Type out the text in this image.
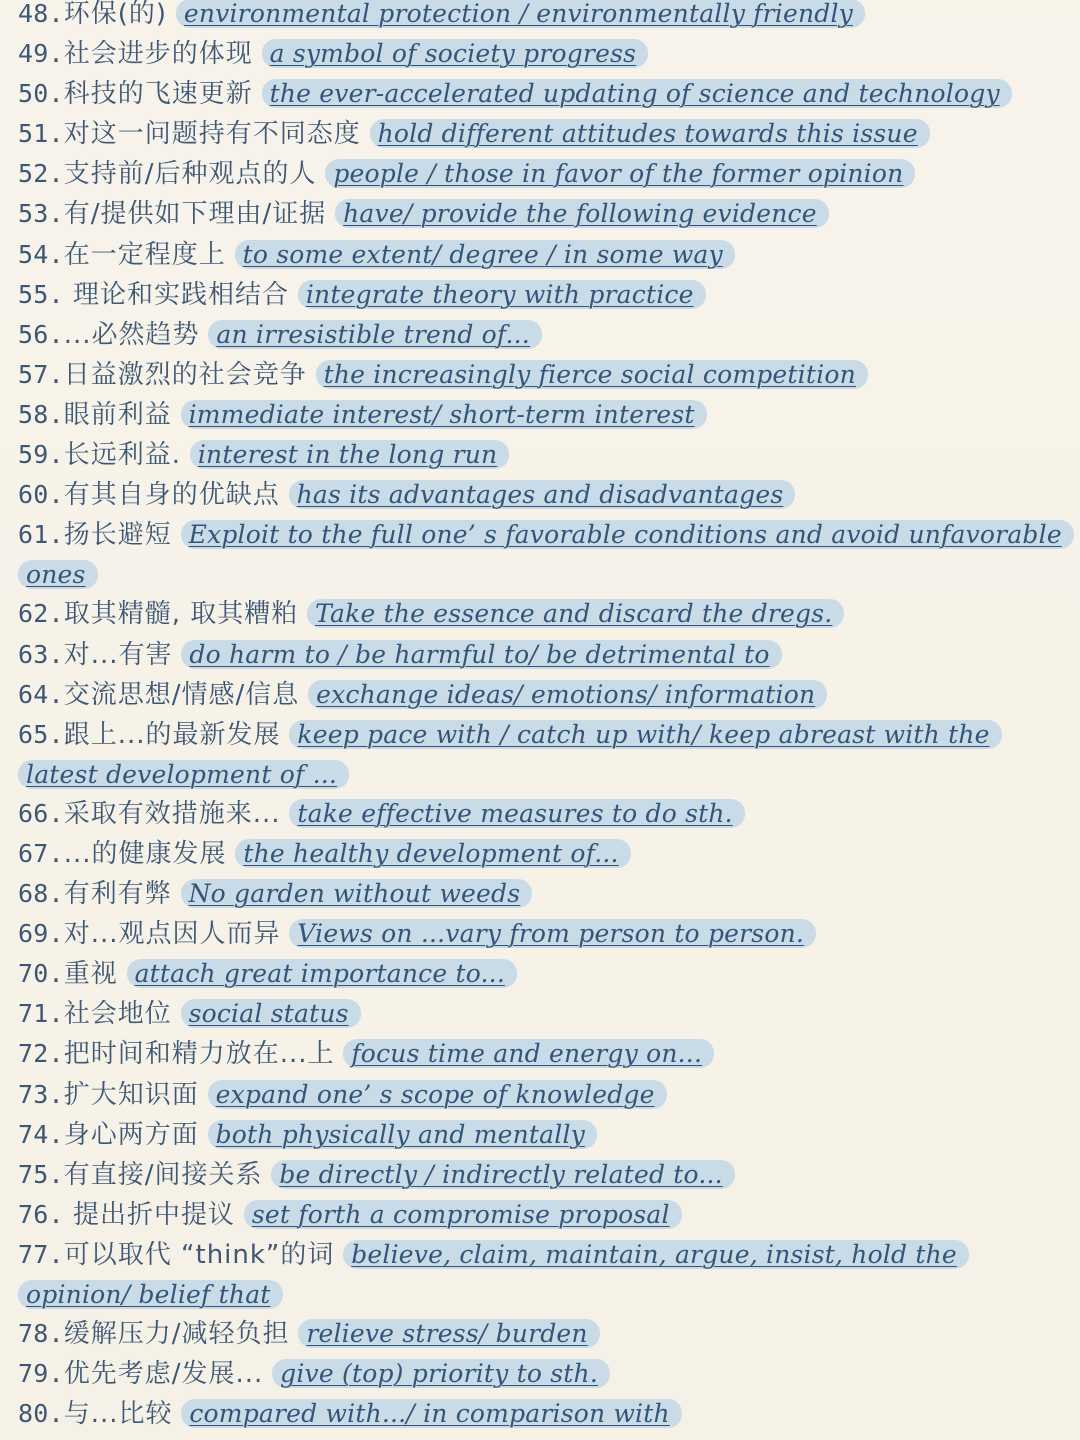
48.环保(的) environmental protection / environmentally friendly
49.社会进步的体现 a symbol of society progress
50.科技的飞速更新 the ever-accelerated updating of science and technology
51.对这一问题持有不同态度 hold different attitudes towards this issue
52.支持前/后种观点的人 people / those in favor of the former opinion
53.有/提供如下理由/证据 have/ provide the following evidence
54.在一定程度上 to some extent/ degree / in some way
55. 理论和实践相结合 integrate theory with practice
56....必然趋势 an irresistible trend of...
57.日益激烈的社会竞争 the increasingly fierce social competition
58.眼前利益 immediate interest/ short-term interest
59.长远利益. interest in the long run
60.有其自身的优缺点 has its advantages and disadvantages
61.扬长避短 Exploit to the full one’ s favorable conditions and avoid unfavorable ones
62.取其精髓, 取其糟粕 Take the essence and discard the dregs.
63.对...有害 do harm to / be harmful to/ be detrimental to
64.交流思想/情感/信息 exchange ideas/ emotions/ information
65.跟上...的最新发展 keep pace with / catch up with/ keep abreast with the latest development of ...
66.采取有效措施来... take effective measures to do sth.
67....的健康发展 the healthy development of...
68.有利有弊 No garden without weeds
69.对...观点因人而异 Views on ...vary from person to person.
70.重视 attach great importance to...
71.社会地位 social status
72.把时间和精力放在...上 focus time and energy on...
73.扩大知识面 expand one’ s scope of knowledge
74.身心两方面 both physically and mentally
75.有直接/间接关系 be directly / indirectly related to...
76. 提出折中提议 set forth a compromise proposal
77.可以取代 “think”的词 believe, claim, maintain, argue, insist, hold the opinion/ belief that
78.缓解压力/减轻负担 relieve stress/ burden
79.优先考虑/发展... give (top) priority to sth.
80.与...比较 compared with.../ in comparison with
